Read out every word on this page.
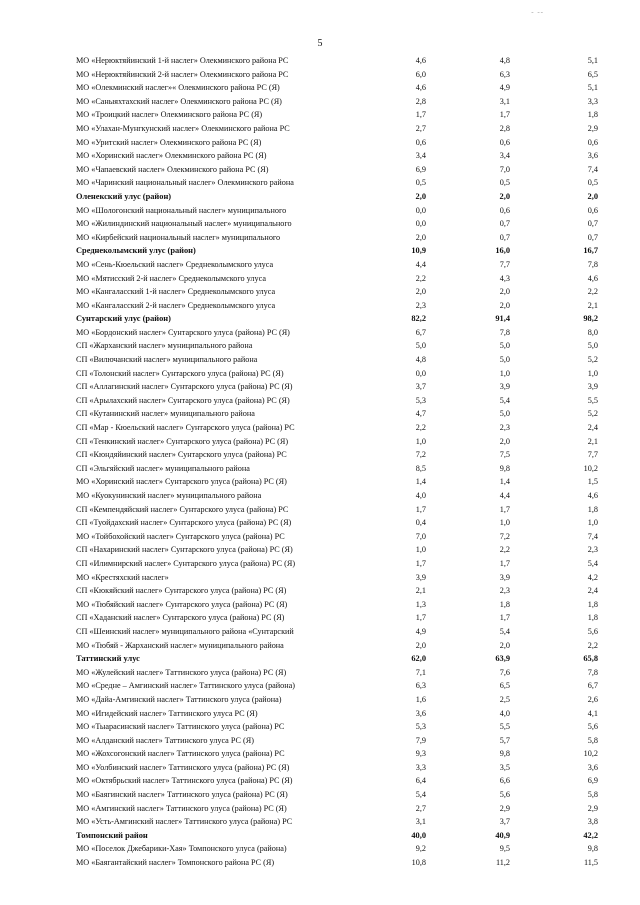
- --
5
МО «Нерюктяйинский 1-й наслег» Олекминского района РС	4,6	4,8	5,1
МО «Нерюктяйинский 2-й наслег» Олекминского района РС	6,0	6,3	6,5
МО «Олекминский наслег»« Олекминского района РС (Я)	4,6	4,9	5,1
МО «Саныяхтахский наслег» Олекминского района РС (Я)	2,8	3,1	3,3
МО «Троицкий наслег» Олекминского района РС (Я)	1,7	1,7	1,8
МО «Улахан-Мунгкунский наслег» Олекминского района РС	2,7	2,8	2,9
МО «Уритский наслег» Олекминского района РС (Я)	0,6	0,6	0,6
МО «Хоринский наслег» Олекминского района РС (Я)	3,4	3,4	3,6
МО «Чапаевский наслег» Олекминского района РС (Я)	6,9	7,0	7,4
МО «Чаринский национальный наслег» Олекминского района	0,5	0,5	0,5
Оленекский улус (район)	2,0	2,0	2,0
МО «Шологонский национальный наслег» муниципального	0,0	0,6	0,6
МО «Жилиндинский национальный наслег» муниципального	0,0	0,7	0,7
МО «Кирбейский национальный наслег» муниципального	2,0	0,7	0,7
Среднеколымский улус (район)	10,9	16,0	16,7
МО «Сень-Кюельский наслег» Среднеколымского улуса	4,4	7,7	7,8
МО «Мятисский 2-й наслег» Среднеколымского улуса	2,2	4,3	4,6
МО «Кангаласский 1-й наслег» Среднеколымского улуса	2,0	2,0	2,2
МО «Кангаласский 2-й наслег» Среднеколымского улуса	2,3	2,0	2,1
Сунтарский улус (район)	82,2	91,4	98,2
МО «Бордонский наслег» Сунтарского улуса (района) РС (Я)	6,7	7,8	8,0
СП «Жарханский наслег» муниципального района	5,0	5,0	5,0
СП «Вилючанский наслег» муниципального района	4,8	5,0	5,2
СП «Толонский наслег» Сунтарского улуса (района) РС (Я)	0,0	1,0	1,0
СП «Аллагинский наслег» Сунтарского улуса (района) РС (Я)	3,7	3,9	3,9
СП «Арылахский наслег» Сунтарского улуса (района) РС (Я)	5,3	5,4	5,5
СП «Кутанинский наслег» муниципального района	4,7	5,0	5,2
СП «Мар - Кюельский наслег» Сунтарского улуса (района) РС	2,2	2,3	2,4
СП «Тенкинский наслег» Сунтарского улуса (района) РС (Я)	1,0	2,0	2,1
СП «Кюндяйинский наслег» Сунтарского улуса (района) РС	7,2	7,5	7,7
СП «Эльгяйский наслег» муниципального района	8,5	9,8	10,2
МО «Хоринский наслег» Сунтарского улуса (района) РС (Я)	1,4	1,4	1,5
МО «Куокунинский наслег» муниципального района	4,0	4,4	4,6
СП «Кемпендяйский наслег» Сунтарского улуса (района) РС	1,7	1,7	1,8
СП «Туойдахский наслег» Сунтарского улуса (района) РС (Я)	0,4	1,0	1,0
МО «Тойбохойский наслег» Сунтарского улуса (района) РС	7,0	7,2	7,4
СП «Нахаринский наслег» Сунтарского улуса (района) РС (Я)	1,0	2,2	2,3
СП «Илимнирский наслег» Сунтарского улуса (района) РС (Я)	1,7	1,7	5,4
МО «Крестяхский наслег»	3,9	3,9	4,2
СП «Кюкяйский наслег» Сунтарского улуса (района) РС (Я)	2,1	2,3	2,4
МО «Тюбяйский наслег» Сунтарского улуса (района) РС (Я)	1,3	1,8	1,8
СП «Хаданский наслег» Сунтарского улуса (района) РС (Я)	1,7	1,7	1,8
СП «Шеинский наслег» муниципального района «Сунтарский	4,9	5,4	5,6
МО «Тюбяй - Жарханский наслег» муниципального района	2,0	2,0	2,2
Таттинский улус	62,0	63,9	65,8
МО «Жулейский наслег» Таттинского улуса (района) РС (Я)	7,1	7,6	7,8
МО «Средне – Амгинский наслег» Таттинского улуса (района)	6,3	6,5	6,7
МО «Дайа-Амгинский наслег» Таттинского улуса (района)	1,6	2,5	2,6
МО «Игидейский наслег» Таттинского улуса РС (Я)	3,6	4,0	4,1
МО «Тыарасинский наслег» Таттинского улуса (района) РС	5,3	5,5	5,6
МО «Алданский наслег» Таттинского улуса РС (Я)	7,9	5,7	5,8
МО «Жохсогонский наслег» Таттинского улуса (района) РС	9,3	9,8	10,2
МО «Уолбинский наслег» Таттинского улуса (района) РС (Я)	3,3	3,5	3,6
МО «Октябрьский наслег» Таттинского улуса (района) РС (Я)	6,4	6,6	6,9
МО «Баягинский наслег» Таттинского улуса (района) РС (Я)	5,4	5,6	5,8
МО «Амгинский наслег» Таттинского улуса (района) РС (Я)	2,7	2,9	2,9
МО «Усть-Амгинский наслег» Таттинского улуса (района) РС	3,1	3,7	3,8
Томпонский район	40,0	40,9	42,2
МО «Поселок Джебарики-Хая» Томпонского улуса (района)	9,2	9,5	9,8
МО «Баягантайский наслег» Томпонского района РС (Я)	10,8	11,2	11,5
